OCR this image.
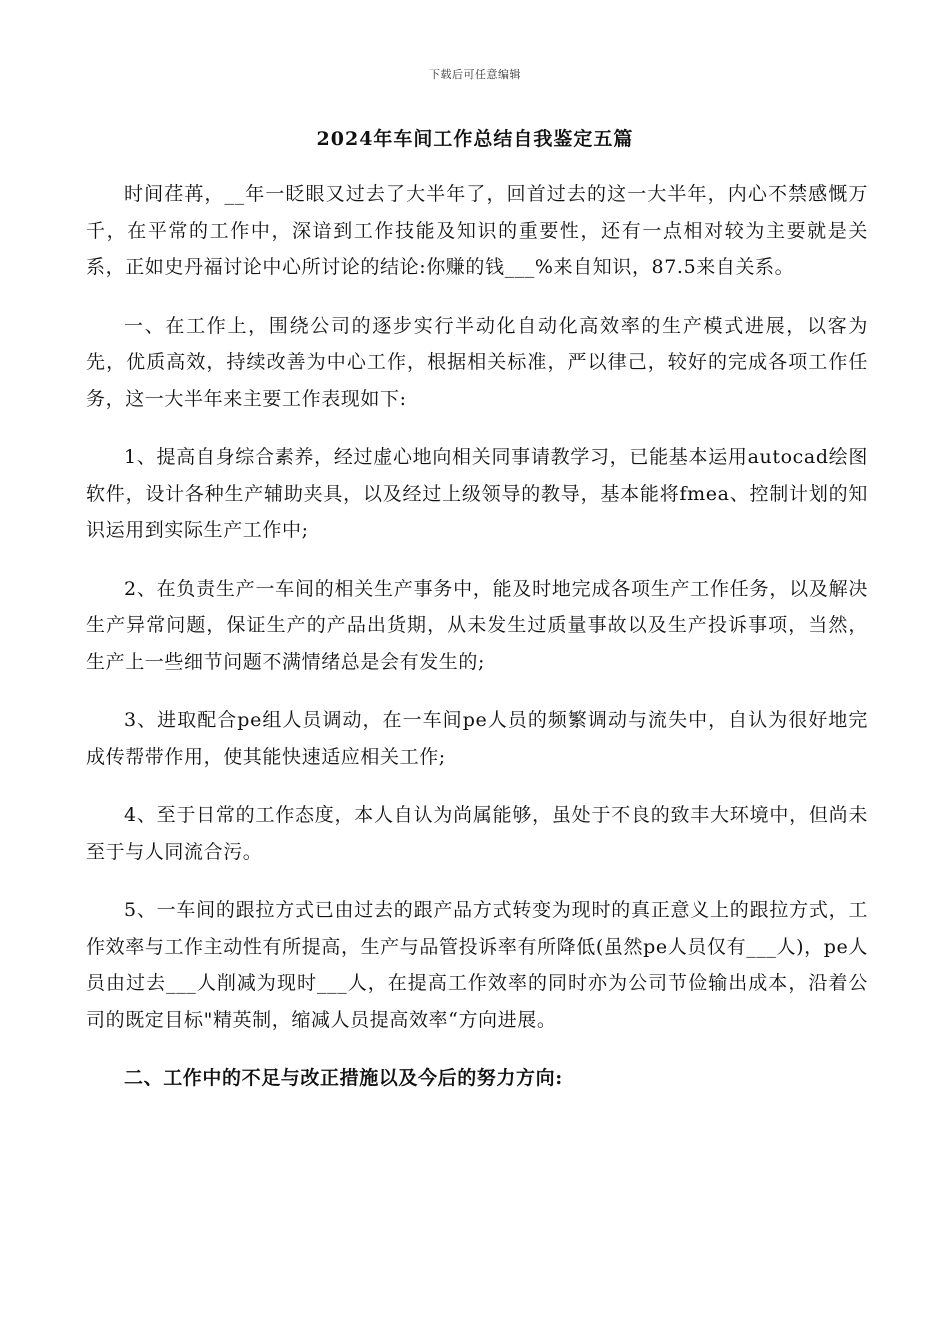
下载后可任意编辑
2024年车间工作总结自我鉴定五篇

时间荏苒，__年一眨眼又过去了大半年了，回首过去的这一大半年，内心不禁感慨万千，在平常的工作中，深谙到工作技能及知识的重要性，还有一点相对较为主要就是关系，正如史丹福讨论中心所讨论的结论:你赚的钱___%来自知识，87.5来自关系。

一、在工作上，围绕公司的逐步实行半动化自动化高效率的生产模式进展，以客为先，优质高效，持续改善为中心工作，根据相关标准，严以律己，较好的完成各项工作任务，这一大半年来主要工作表现如下:

1、提高自身综合素养，经过虚心地向相关同事请教学习，已能基本运用autocad绘图软件，设计各种生产辅助夹具，以及经过上级领导的教导，基本能将fmea、控制计划的知识运用到实际生产工作中;

2、在负责生产一车间的相关生产事务中，能及时地完成各项生产工作任务，以及解决生产异常问题，保证生产的产品出货期，从未发生过质量事故以及生产投诉事项，当然，生产上一些细节问题不满情绪总是会有发生的;

3、进取配合pe组人员调动，在一车间pe人员的频繁调动与流失中，自认为很好地完成传帮带作用，使其能快速适应相关工作;

4、至于日常的工作态度，本人自认为尚属能够，虽处于不良的致丰大环境中，但尚未至于与人同流合污。

5、一车间的跟拉方式已由过去的跟产品方式转变为现时的真正意义上的跟拉方式，工作效率与工作主动性有所提高，生产与品管投诉率有所降低(虽然pe人员仅有___人)，pe人员由过去___人削减为现时___人，在提高工作效率的同时亦为公司节俭输出成本，沿着公司的既定目标"精英制，缩减人员提高效率“方向进展。

二、工作中的不足与改正措施以及今后的努力方向:
